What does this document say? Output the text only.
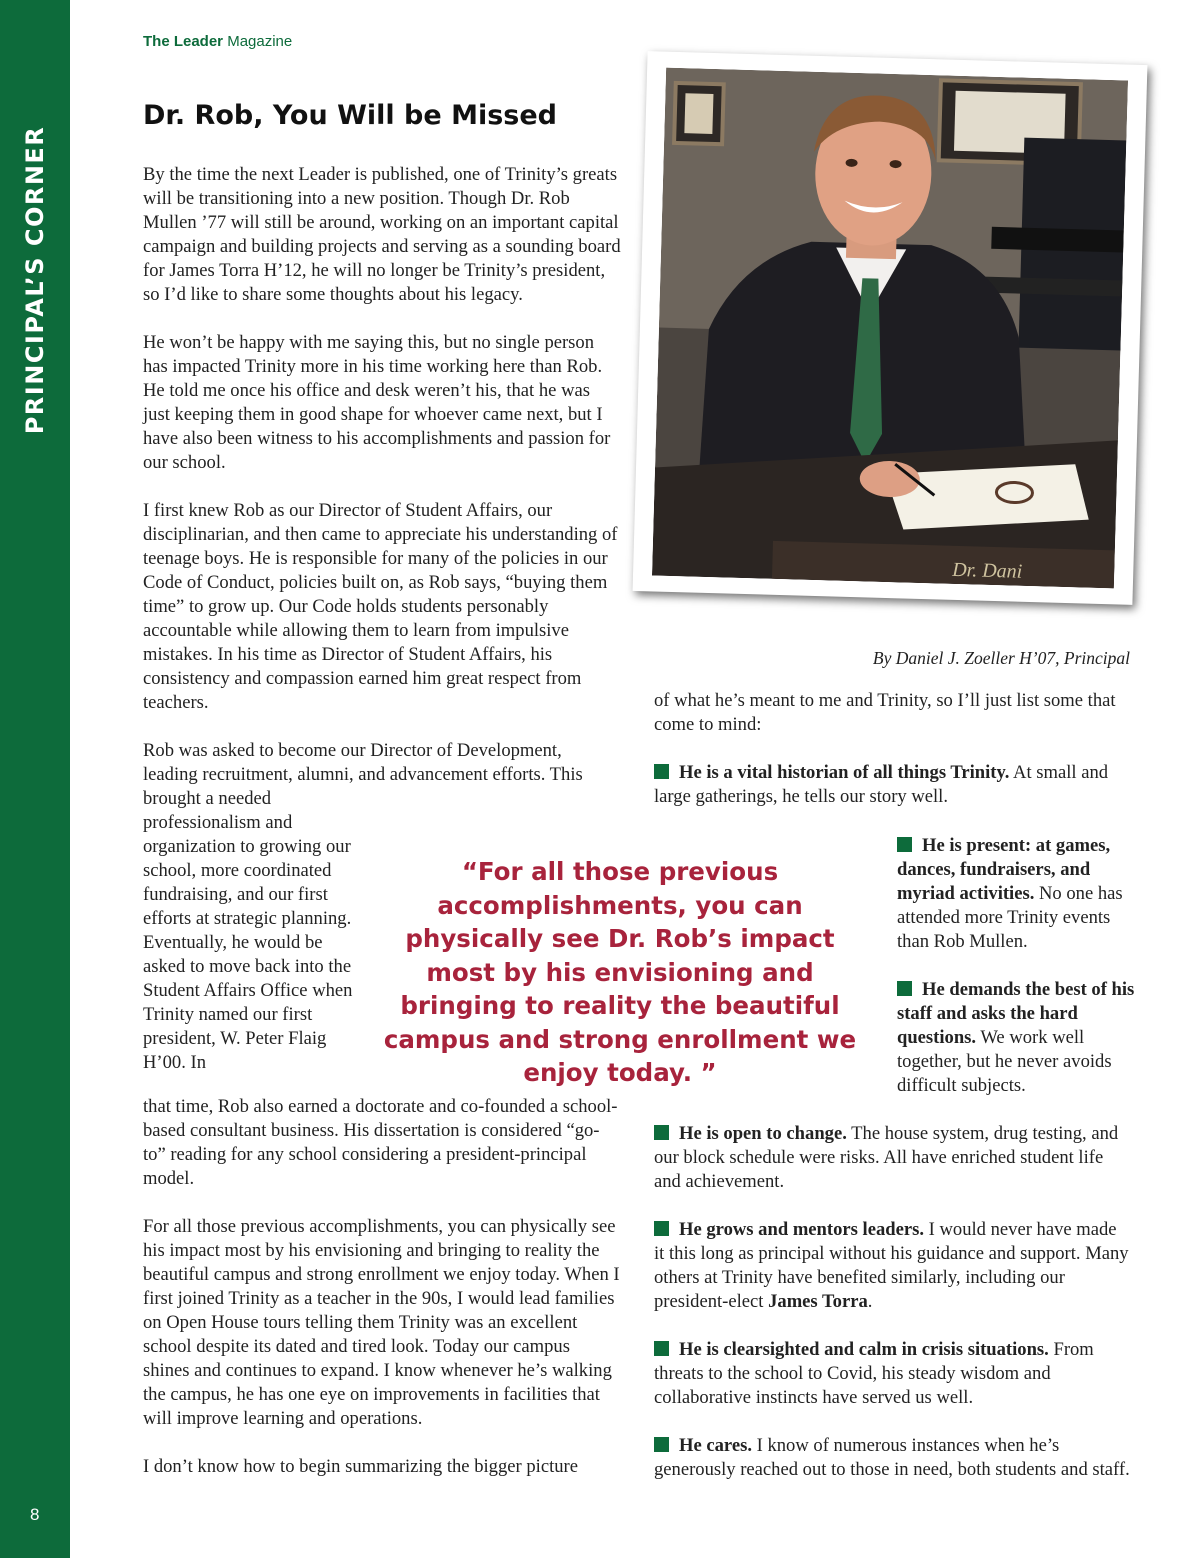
PRINCIPAL’S CORNER
8
The Leader Magazine
Dr. Rob, You Will be Missed

By the time the next Leader is published, one of Trinity’s greats will be transitioning into a new position. Though Dr. Rob Mullen ’77 will still be around, working on an important capital campaign and building projects and serving as a sounding board for James Torra H’12, he will no longer be Trinity’s president, so I’d like to share some thoughts about his legacy.

He won’t be happy with me saying this, but no single person has impacted Trinity more in his time working here than Rob. He told me once his office and desk weren’t his, that he was just keeping them in good shape for whoever came next, but I have also been witness to his accomplishments and passion for our school.

I first knew Rob as our Director of Student Affairs, our disciplinarian, and then came to appreciate his understanding of teenage boys. He is responsible for many of the policies in our Code of Conduct, policies built on, as Rob says, “buying them time” to grow up. Our Code holds students personably accountable while allowing them to learn from impulsive mistakes. In his time as Director of Student Affairs, his consistency and compassion earned him great respect from teachers.

Rob was asked to become our Director of Development, leading recruitment, alumni, and advancement efforts. This

brought a needed professionalism and organization to growing our school, more coordinated fundraising, and our first efforts at strategic planning. Eventually, he would be asked to move back into the Student Affairs Office when Trinity named our first president, W. Peter Flaig H’00. In

that time, Rob also earned a doctorate and co-founded a school-based consultant business. His dissertation is considered “go-to” reading for any school considering a president-principal model.

For all those previous accomplishments, you can physically see his impact most by his envisioning and bringing to reality the beautiful campus and strong enrollment we enjoy today. When I first joined Trinity as a teacher in the 90s, I would lead families on Open House tours telling them Trinity was an excellent school despite its dated and tired look. Today our campus shines and continues to expand. I know whenever he’s walking the campus, he has one eye on improvements in facilities that will improve learning and operations.

I don’t know how to begin summarizing the bigger picture

Dr. Dani
By Daniel J. Zoeller H’07, Principal
“For all those previous accomplishments, you can physically see Dr. Rob’s impact most by his envisioning and bringing to reality the beautiful campus and strong enrollment we enjoy today. ”

of what he’s meant to me and Trinity, so I’ll just list some that come to mind:

He is a vital historian of all things Trinity. At small and large gatherings, he tells our story well.

He is present: at games, dances, fundraisers, and myriad activities. No one has attended more Trinity events than Rob Mullen.

He demands the best of his staff and asks the hard questions. We work well together, but he never avoids difficult subjects.

He is open to change. The house system, drug testing, and our block schedule were risks. All have enriched student life and achievement.

He grows and mentors leaders. I would never have made it this long as principal without his guidance and support. Many others at Trinity have benefited similarly, including our president-elect James Torra.

He is clearsighted and calm in crisis situations. From threats to the school to Covid, his steady wisdom and collaborative instincts have served us well.

He cares. I know of numerous instances when he’s generously reached out to those in need, both students and staff.
